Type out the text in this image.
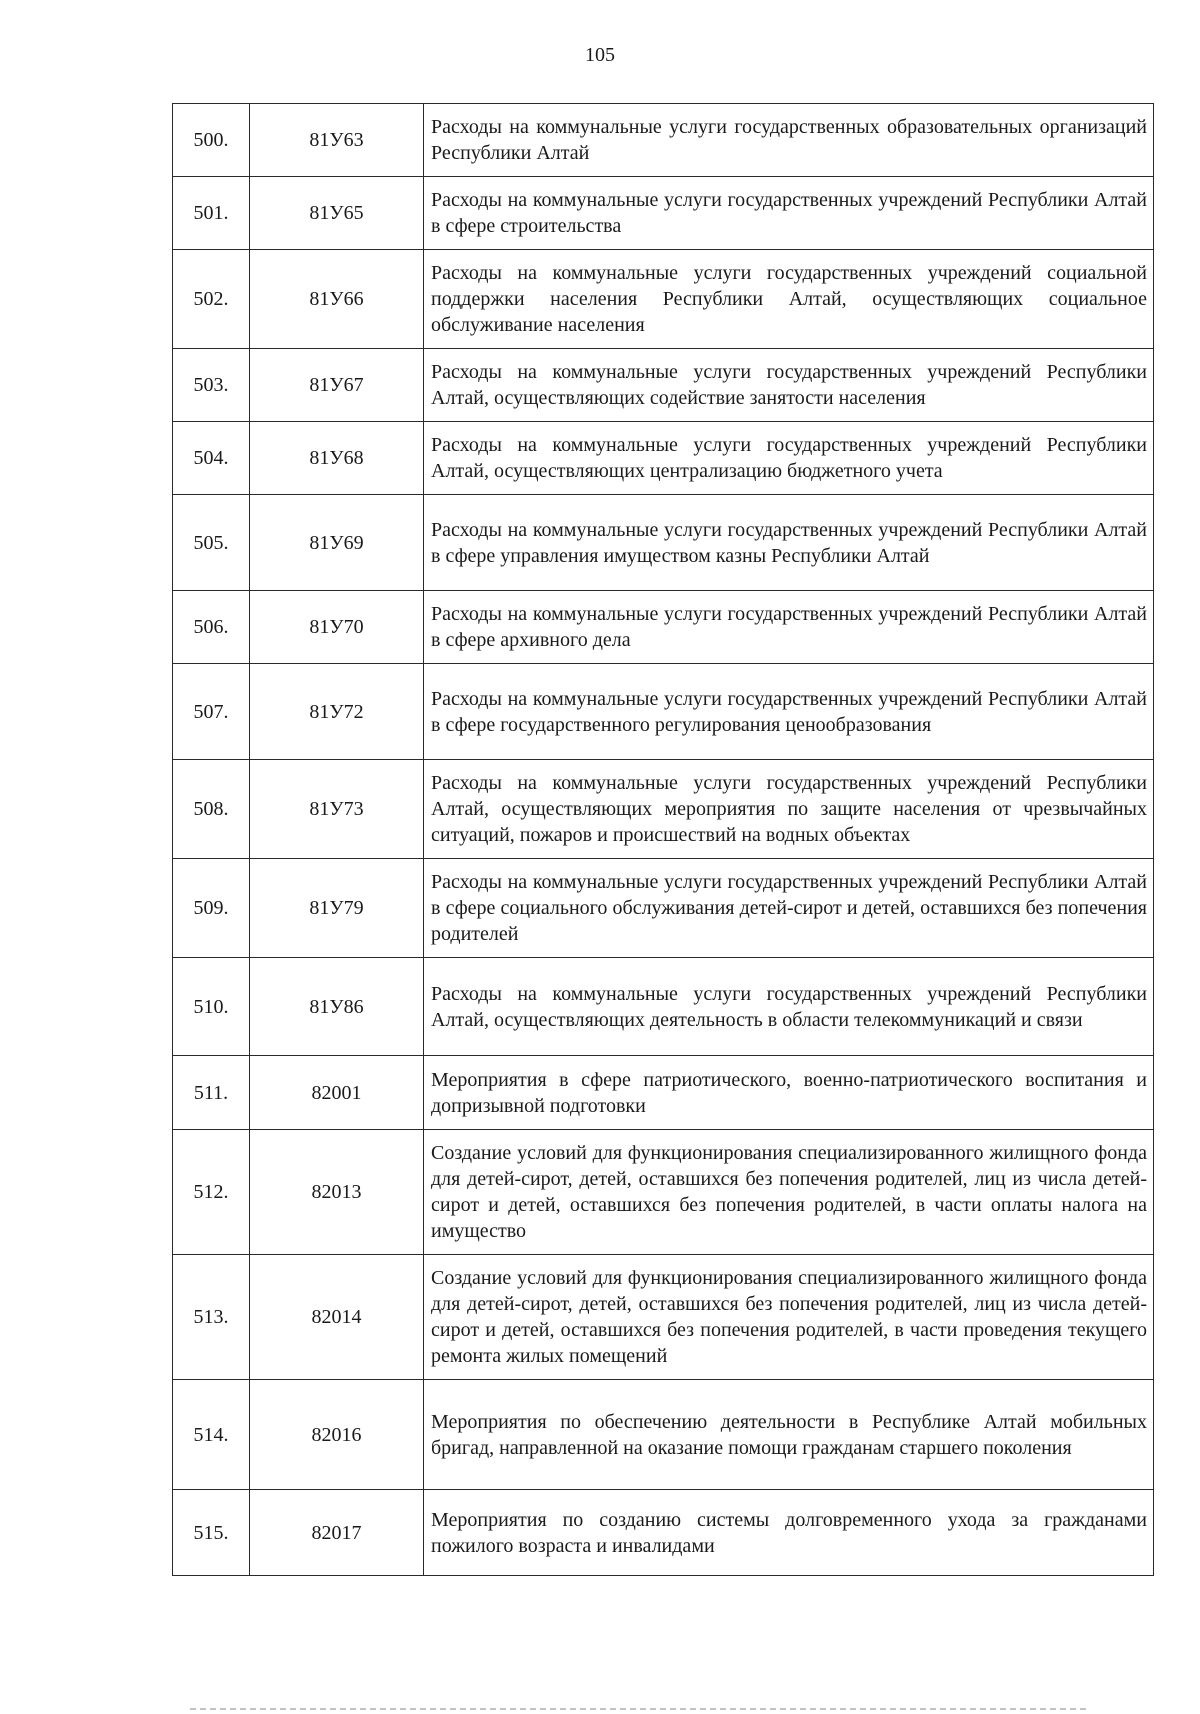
105
500.	81У63	Расходы на коммунальные услуги государственных образовательных организаций Республики Алтай
501.	81У65	Расходы на коммунальные услуги государственных учреждений Республики Алтай в сфере строительства
502.	81У66	Расходы на коммунальные услуги государственных учреждений социальной поддержки населения Республики Алтай, осуществляющих социальное обслуживание населения
503.	81У67	Расходы на коммунальные услуги государственных учреждений Республики Алтай, осуществляющих содействие занятости населения
504.	81У68	Расходы на коммунальные услуги государственных учреждений Республики Алтай, осуществляющих централизацию бюджетного учета
505.	81У69	Расходы на коммунальные услуги государственных учреждений Республики Алтай в сфере управления имуществом казны Республики Алтай
506.	81У70	Расходы на коммунальные услуги государственных учреждений Республики Алтай в сфере архивного дела
507.	81У72	Расходы на коммунальные услуги государственных учреждений Республики Алтай в сфере государственного регулирования ценообразования
508.	81У73	Расходы на коммунальные услуги государственных учреждений Республики Алтай, осуществляющих мероприятия по защите населения от чрезвычайных ситуаций, пожаров и происшествий на водных объектах
509.	81У79	Расходы на коммунальные услуги государственных учреждений Республики Алтай в сфере социального обслуживания детей-сирот и детей, оставшихся без попечения родителей
510.	81У86	Расходы на коммунальные услуги государственных учреждений Республики Алтай, осуществляющих деятельность в области телекоммуникаций и связи
511.	82001	Мероприятия в сфере патриотического, военно-патриотического воспитания и допризывной подготовки
512.	82013	Создание условий для функционирования специализированного жилищного фонда для детей-сирот, детей, оставшихся без попечения родителей, лиц из числа детей-сирот и детей, оставшихся без попечения родителей, в части оплаты налога на имущество
513.	82014	Создание условий для функционирования специализированного жилищного фонда для детей-сирот, детей, оставшихся без попечения родителей, лиц из числа детей-сирот и детей, оставшихся без попечения родителей, в части проведения текущего ремонта жилых помещений
514.	82016	Мероприятия по обеспечению деятельности в Республике Алтай мобильных бригад, направленной на оказание помощи гражданам старшего поколения
515.	82017	Мероприятия по созданию системы долговременного ухода за гражданами пожилого возраста и инвалидами
